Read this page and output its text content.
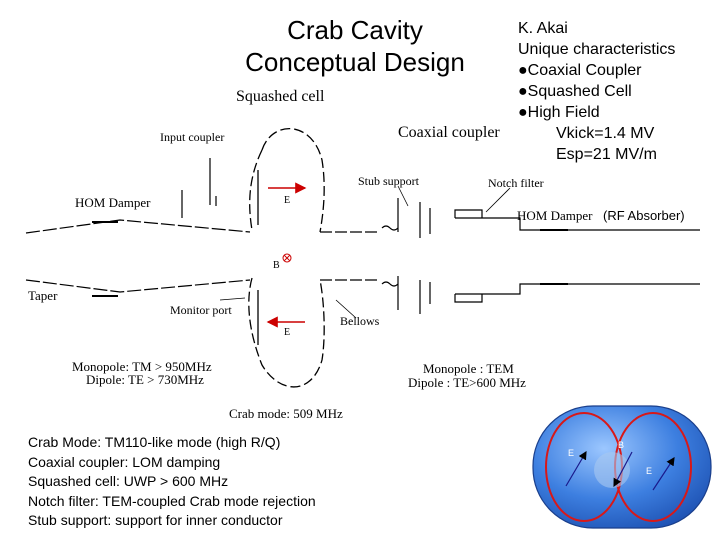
Crab Cavity
Conceptual Design
K. Akai
Unique characteristics
●Coaxial Coupler
●Squashed Cell
●High Field
Vkick=1.4 MV
Esp=21 MV/m
Squashed cell
Coaxial coupler
Input coupler
Stub support	Notch filter
HOM Damper
HOM Damper (RF Absorber)
Taper
Monitor port
Bellows
E
B
E
Monopole: TM > 950MHz
Dipole: TE > 730MHz
Crab mode: 509 MHz
Monopole : TEM
Dipole : TE>600 MHz
E
B
E
Crab Mode: TM110-like mode (high R/Q)
Coaxial coupler: LOM damping
Squashed cell: UWP > 600 MHz
Notch filter: TEM-coupled Crab mode rejection
Stub support: support for inner conductor
